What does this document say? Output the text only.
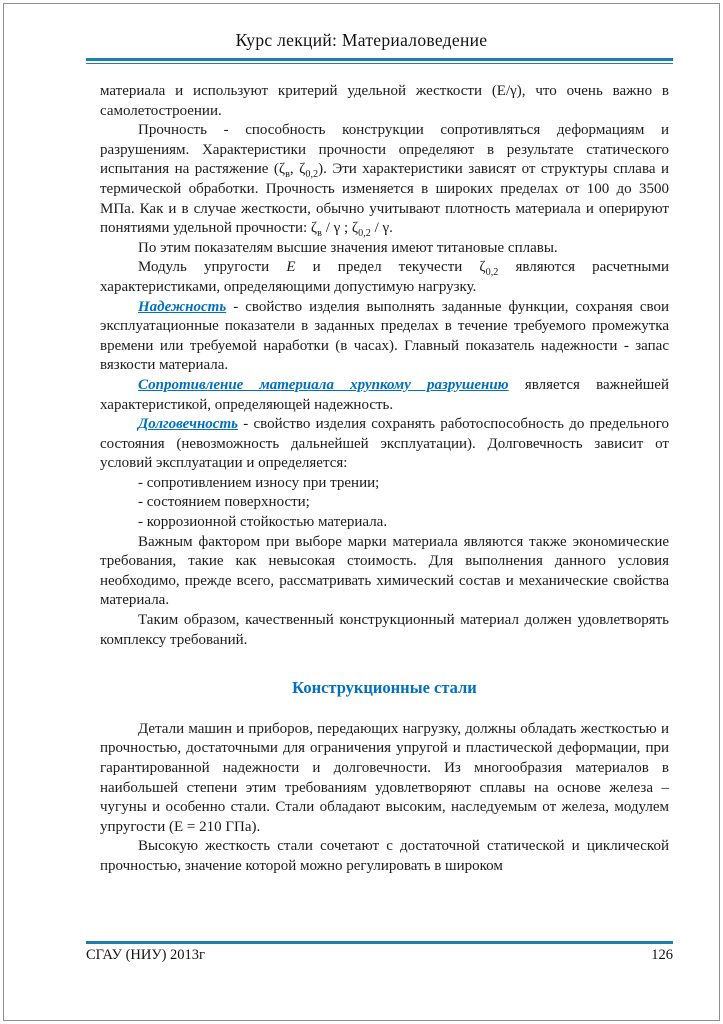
Курс лекций: Материаловедение

материала и используют критерий удельной жесткости (E/γ), что очень важно в самолетостроении.

Прочность - способность конструкции сопротивляться деформациям и разрушениям. Характеристики прочности определяют в результате статического испытания на растяжение ($\zeta_в$, $\zeta_{0,2}$). Эти характеристики зависят от структуры сплава и термической обработки. Прочность изменяется в широких пределах от 100 до 3500 МПа. Как и в случае жесткости, обычно учитывают плотность материала и оперируют понятиями удельной прочности: $\zeta_в$ / γ ; $\zeta_{0,2}$ / γ.

По этим показателям высшие значения имеют титановые сплавы.

Модуль упругости E и предел текучести $\zeta_{0,2}$ являются расчетными характеристиками, определяющими допустимую нагрузку.

Надежность - свойство изделия выполнять заданные функции, сохраняя свои эксплуатационные показатели в заданных пределах в течение требуемого промежутка времени или требуемой наработки (в часах). Главный показатель надежности - запас вязкости материала.

Сопротивление материала хрупкому разрушению является важнейшей характеристикой, определяющей надежность.

Долговечность - свойство изделия сохранять работоспособность до предельного состояния (невозможность дальнейшей эксплуатации). Долговечность зависит от условий эксплуатации и определяется:

- сопротивлением износу при трении;

- состоянием поверхности;

- коррозионной стойкостью материала.

Важным фактором при выборе марки материала являются также экономические требования, такие как невысокая стоимость. Для выполнения данного условия необходимо, прежде всего, рассматривать химический состав и механические свойства материала.

Таким образом, качественный конструкционный материал должен удовлетворять комплексу требований.

Конструкционные стали

Детали машин и приборов, передающих нагрузку, должны обладать жесткостью и прочностью, достаточными для ограничения упругой и пластической деформации, при гарантированной надежности и долговечности. Из многообразия материалов в наибольшей степени этим требованиям удовлетворяют сплавы на основе железа – чугуны и особенно стали. Стали обладают высоким, наследуемым от железа, модулем упругости (E = 210 ГПа).

Высокую жесткость стали сочетают с достаточной статической и циклической прочностью, значение которой можно регулировать в широком

СГАУ (НИУ) 2013г	126
